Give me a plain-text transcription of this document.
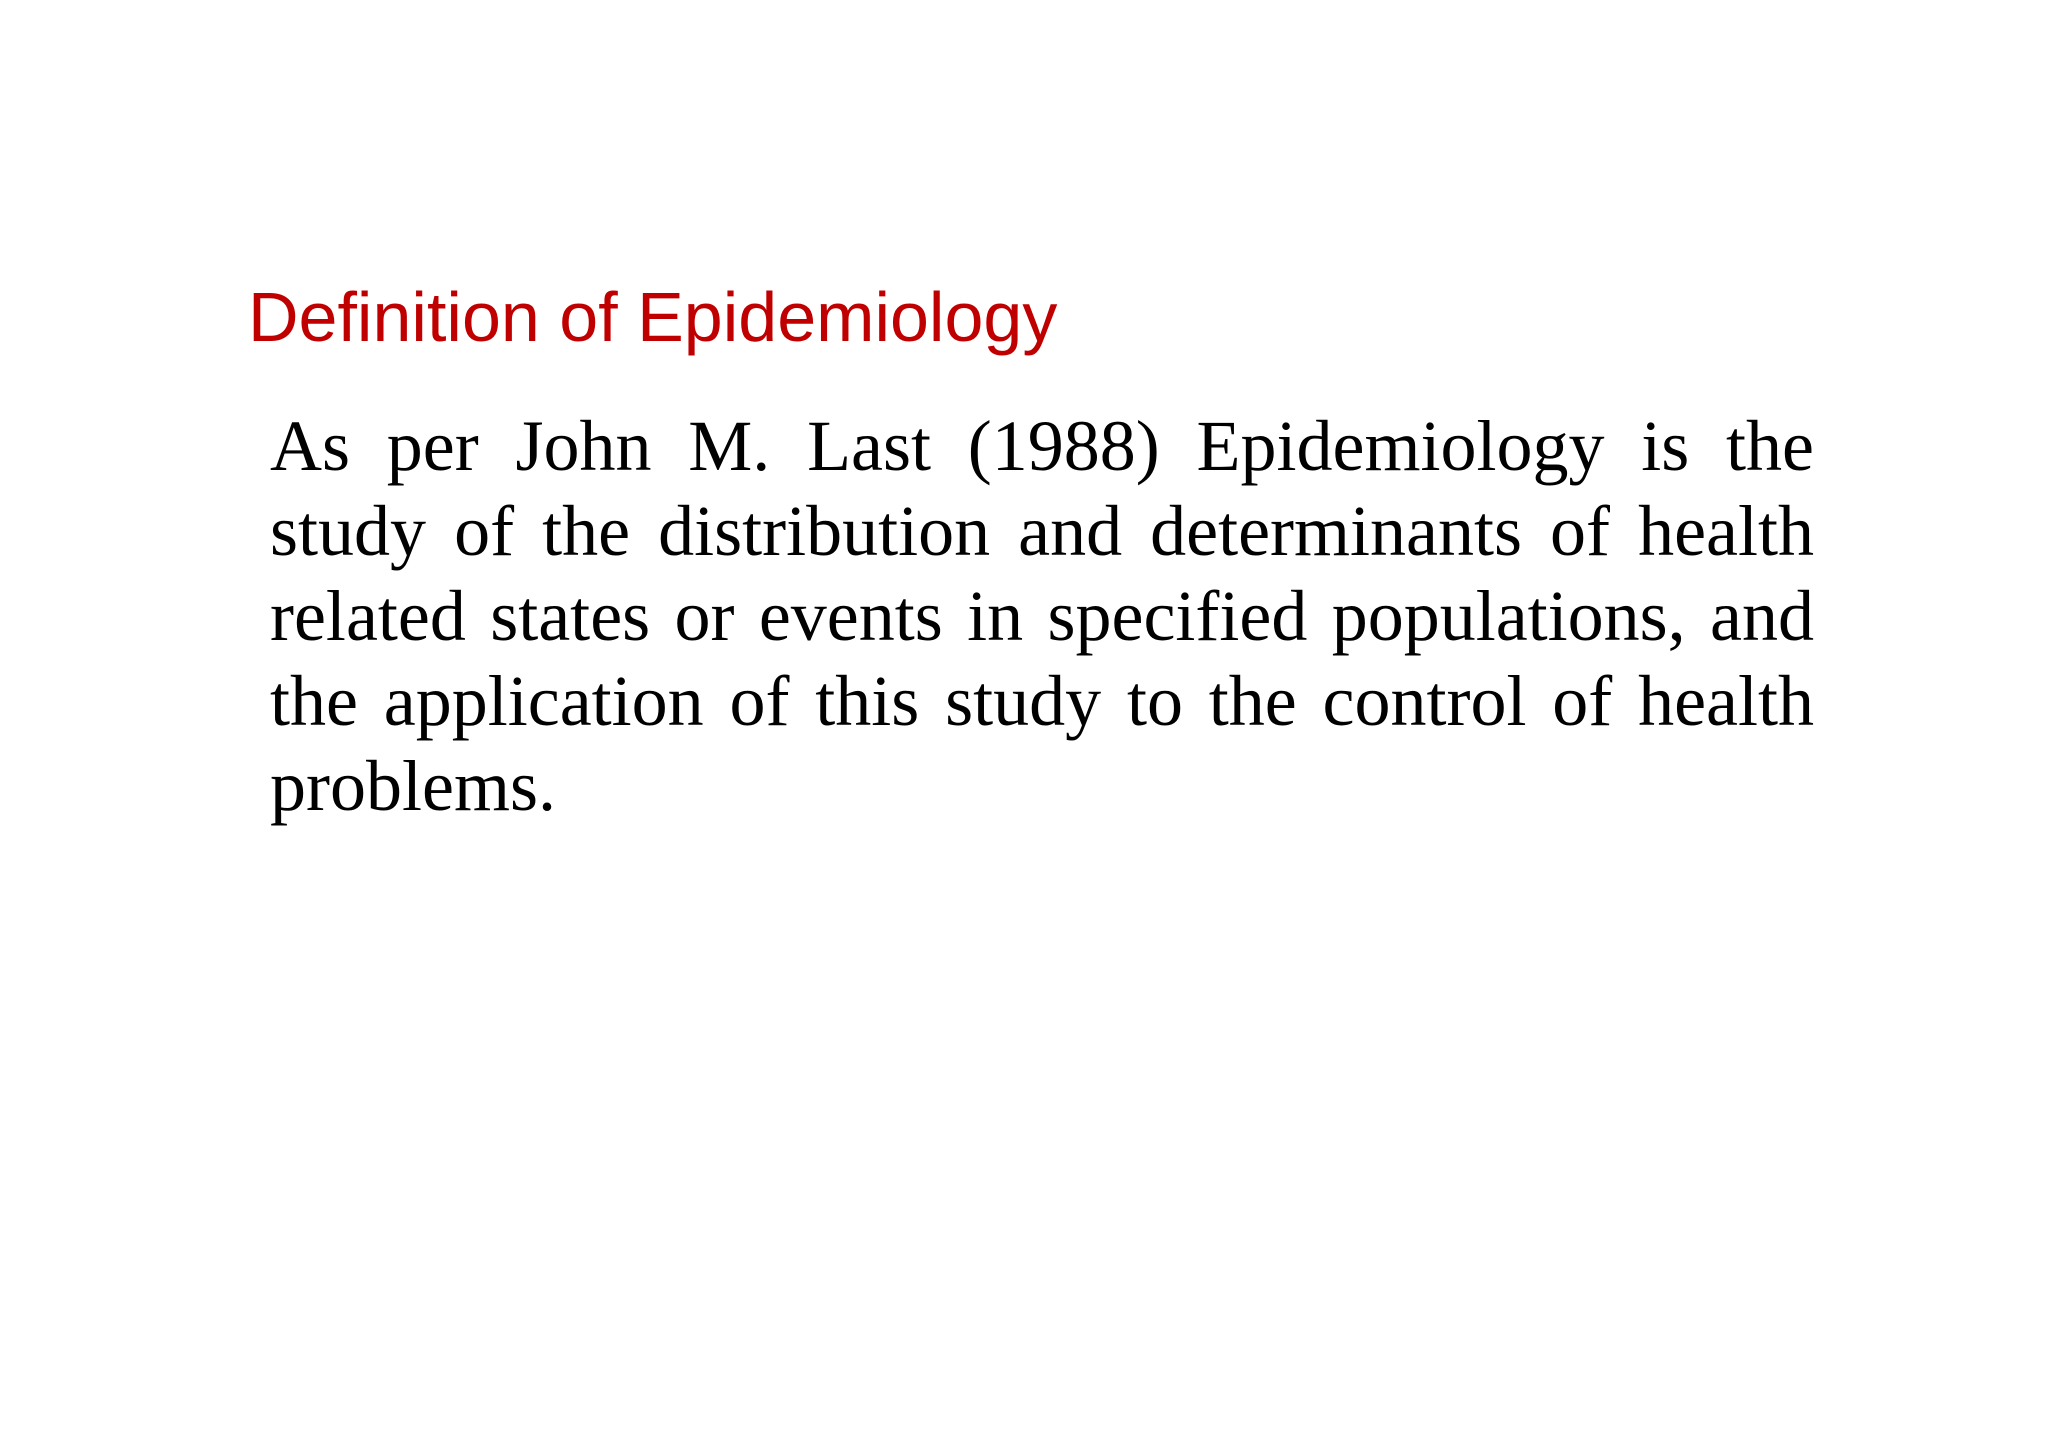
Definition of Epidemiology

As per John M. Last (1988) Epidemiology is the study of the distribution and determinants of health related states or events in specified populations, and the application of this study to the control of health problems.
